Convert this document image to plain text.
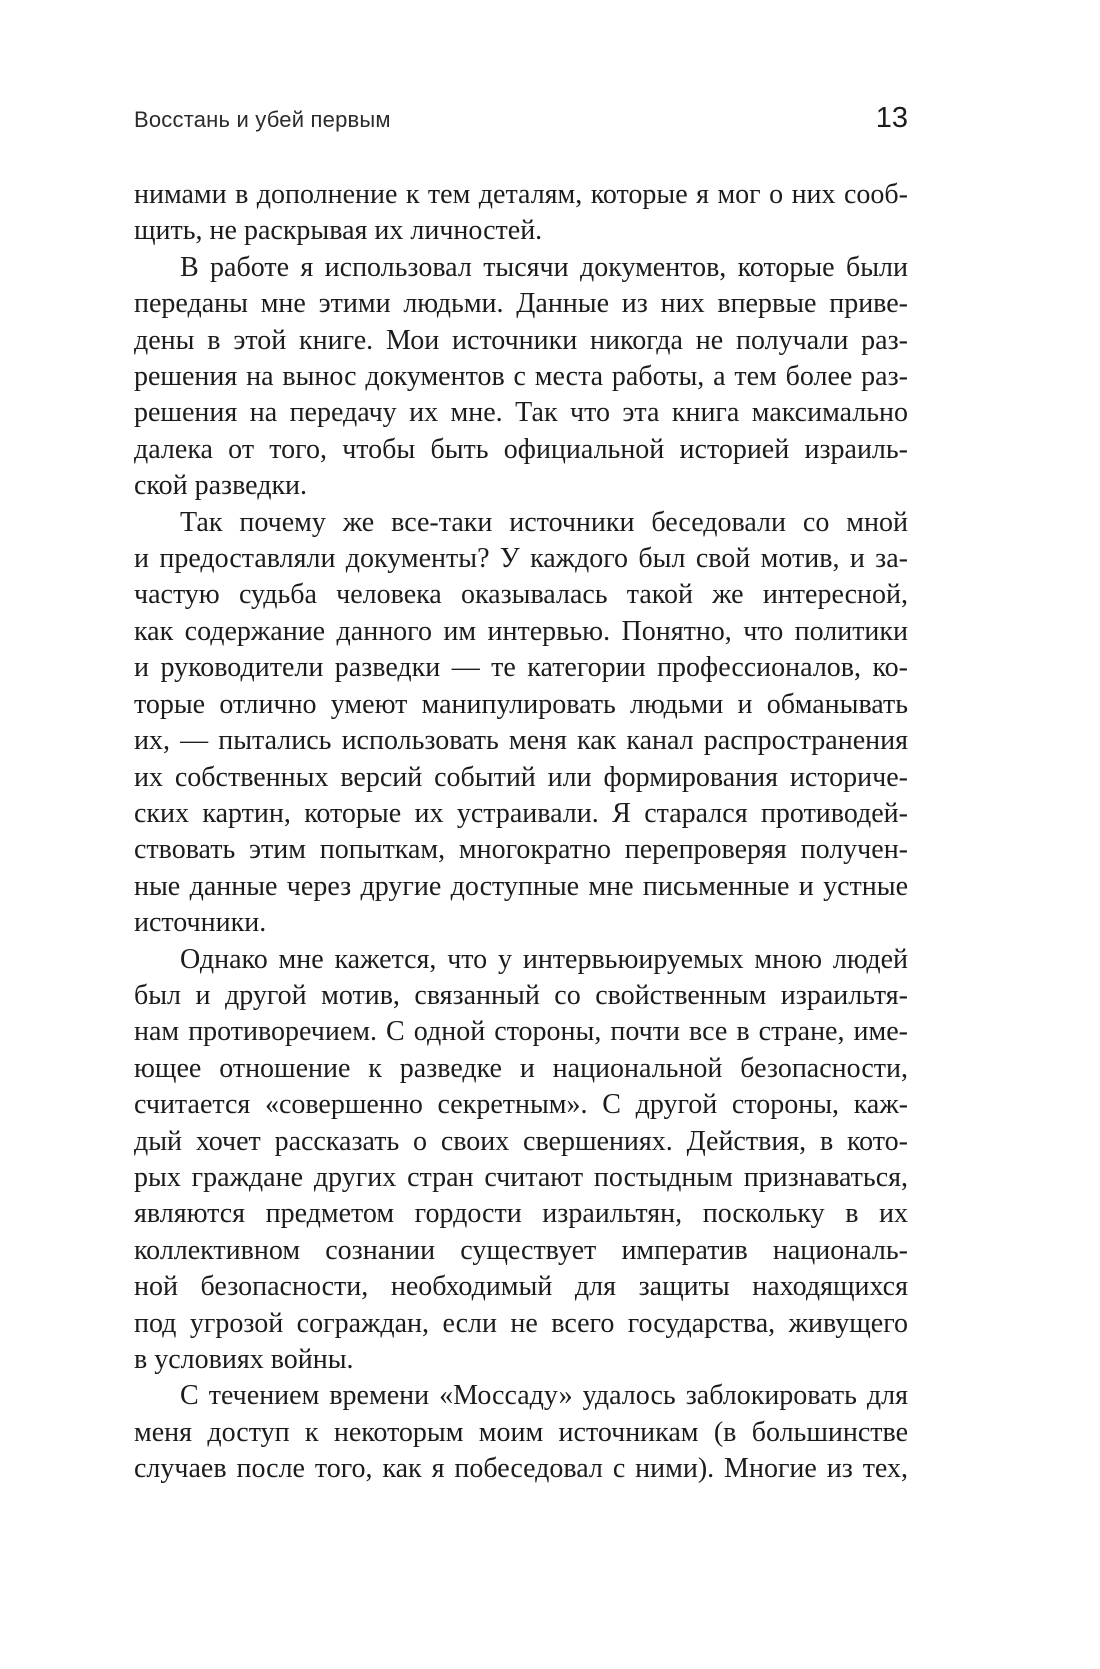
Восстань и убей первым	13
нимами в дополнение к тем деталям, которые я мог о них сооб-
щить, не раскрывая их личностей.
В работе я использовал тысячи документов, которые были
переданы мне этими людьми. Данные из них впервые приве-
дены в этой книге. Мои источники никогда не получали раз-
решения на вынос документов с места работы, а тем более раз-
решения на передачу их мне. Так что эта книга максимально
далека от того, чтобы быть официальной историей израиль-
ской разведки.
Так почему же все-таки источники беседовали со мной
и предоставляли документы? У каждого был свой мотив, и за-
частую судьба человека оказывалась такой же интересной,
как содержание данного им интервью. Понятно, что политики
и руководители разведки — те категории профессионалов, ко-
торые отлично умеют манипулировать людьми и обманывать
их, — пытались использовать меня как канал распространения
их собственных версий событий или формирования историче-
ских картин, которые их устраивали. Я старался противодей-
ствовать этим попыткам, многократно перепроверяя получен-
ные данные через другие доступные мне письменные и устные
источники.
Однако мне кажется, что у интервьюируемых мною людей
был и другой мотив, связанный со свойственным израильтя-
нам противоречием. С одной стороны, почти все в стране, име-
ющее отношение к разведке и национальной безопасности,
считается «совершенно секретным». С другой стороны, каж-
дый хочет рассказать о своих свершениях. Действия, в кото-
рых граждане других стран считают постыдным признаваться,
являются предметом гордости израильтян, поскольку в их
коллективном сознании существует императив националь-
ной безопасности, необходимый для защиты находящихся
под угрозой сограждан, если не всего государства, живущего
в условиях войны.
С течением времени «Моссаду» удалось заблокировать для
меня доступ к некоторым моим источникам (в большинстве
случаев после того, как я побеседовал с ними). Многие из тех,
